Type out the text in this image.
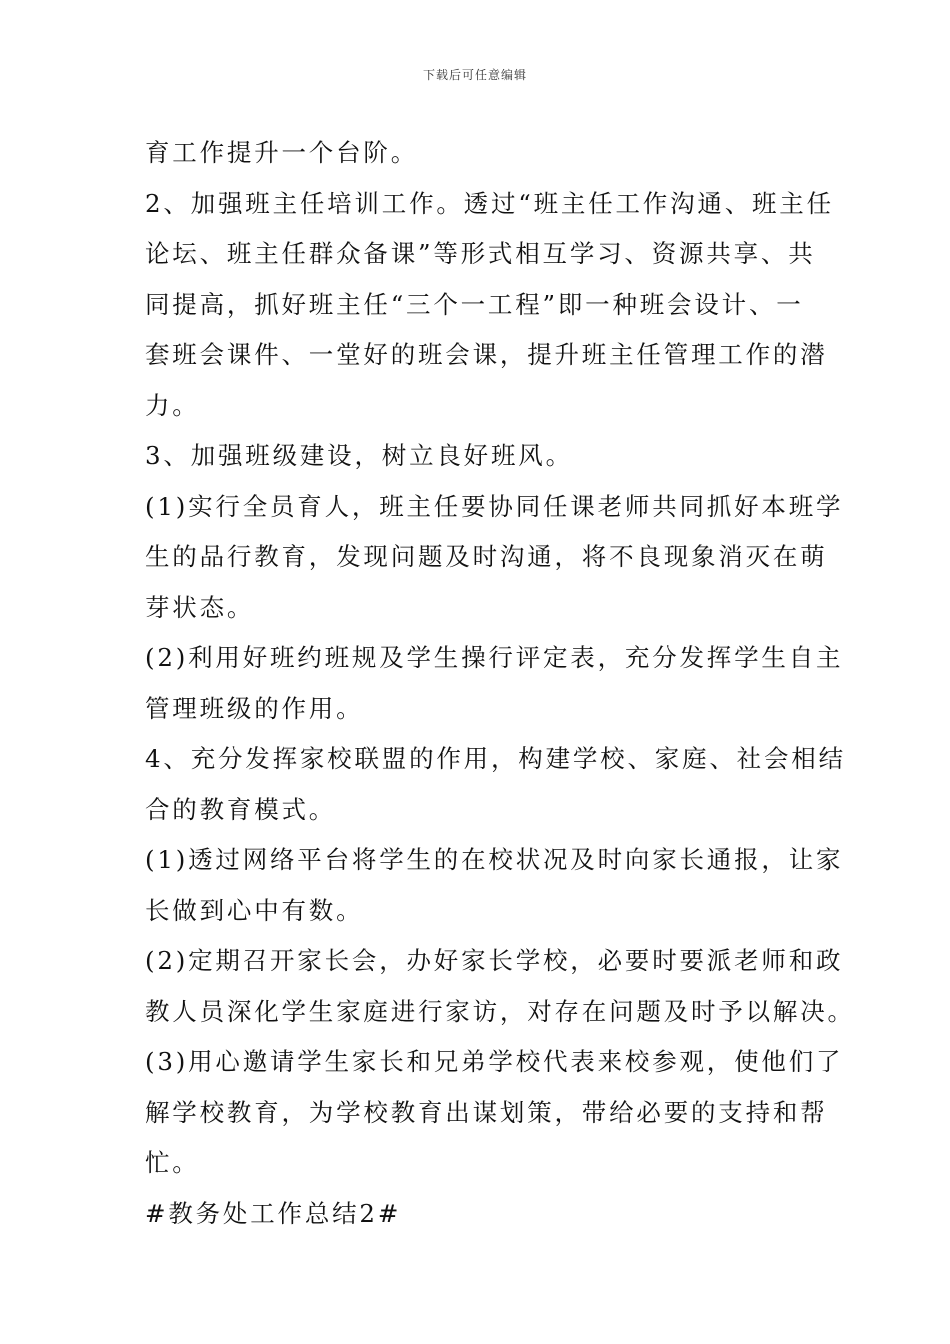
下载后可任意编辑
育工作提升一个台阶。
2、加强班主任培训工作。透过“班主任工作沟通、班主任
论坛、班主任群众备课”等形式相互学习、资源共享、共
同提高，抓好班主任“三个一工程”即一种班会设计、一
套班会课件、一堂好的班会课，提升班主任管理工作的潜
力。
3、加强班级建设，树立良好班风。
(1)实行全员育人，班主任要协同任课老师共同抓好本班学
生的品行教育，发现问题及时沟通，将不良现象消灭在萌
芽状态。
(2)利用好班约班规及学生操行评定表，充分发挥学生自主
管理班级的作用。
4、充分发挥家校联盟的作用，构建学校、家庭、社会相结
合的教育模式。
(1)透过网络平台将学生的在校状况及时向家长通报，让家
长做到心中有数。
(2)定期召开家长会，办好家长学校，必要时要派老师和政
教人员深化学生家庭进行家访，对存在问题及时予以解决。
(3)用心邀请学生家长和兄弟学校代表来校参观，使他们了
解学校教育，为学校教育出谋划策，带给必要的支持和帮
忙。
#教务处工作总结2#
